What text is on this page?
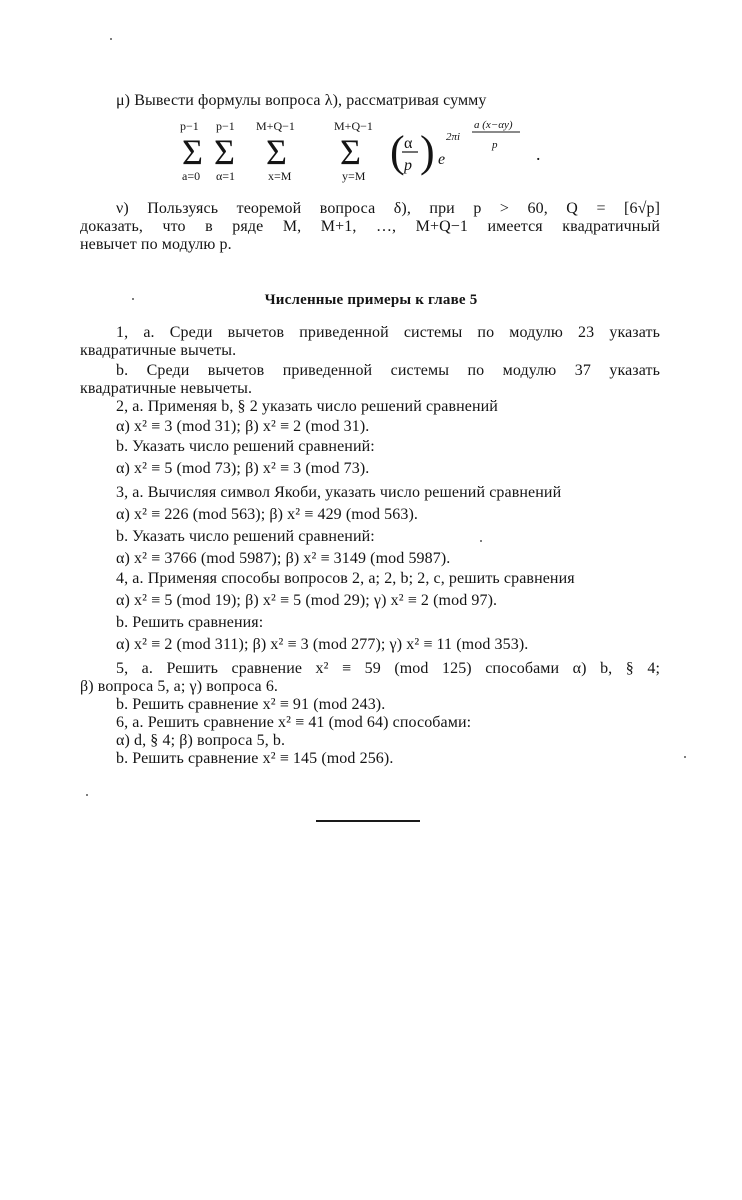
μ) Вывести формулы вопроса λ), рассматривая сумму
p−1 p−1 M+Q−1	M+Q−1
Σ Σ Σ Σ
a=0 α=1	x=M	y=M ( α
p ) e
2πi
a (x−αy)
p .
ν) Пользуясь теоремой вопроса δ), при p > 60, Q = [6√p]
доказать, что в ряде M, M+1, …, M+Q−1 имеется квадратичный
невычет по модулю p.
Численные примеры к главе 5
1, a. Среди вычетов приведенной системы по модулю 23 указать
квадратичные вычеты.
b. Среди вычетов приведенной системы по модулю 37 указать
квадратичные невычеты.
2, a. Применяя b, § 2 указать число решений сравнений
α) x² ≡ 3 (mod 31); β) x² ≡ 2 (mod 31).
b. Указать число решений сравнений:
α) x² ≡ 5 (mod 73); β) x² ≡ 3 (mod 73).
3, a. Вычисляя символ Якоби, указать число решений сравнений
α) x² ≡ 226 (mod 563); β) x² ≡ 429 (mod 563).
b. Указать число решений сравнений:
α) x² ≡ 3766 (mod 5987); β) x² ≡ 3149 (mod 5987).
4, a. Применяя способы вопросов 2, a; 2, b; 2, c, решить сравнения
α) x² ≡ 5 (mod 19); β) x² ≡ 5 (mod 29); γ) x² ≡ 2 (mod 97).
b. Решить сравнения:
α) x² ≡ 2 (mod 311); β) x² ≡ 3 (mod 277); γ) x² ≡ 11 (mod 353).
5, a. Решить сравнение x² ≡ 59 (mod 125) способами α) b, § 4;
β) вопроса 5, a; γ) вопроса 6.
b. Решить сравнение x² ≡ 91 (mod 243).
6, a. Решить сравнение x² ≡ 41 (mod 64) способами:
α) d, § 4; β) вопроса 5, b.
b. Решить сравнение x² ≡ 145 (mod 256).
